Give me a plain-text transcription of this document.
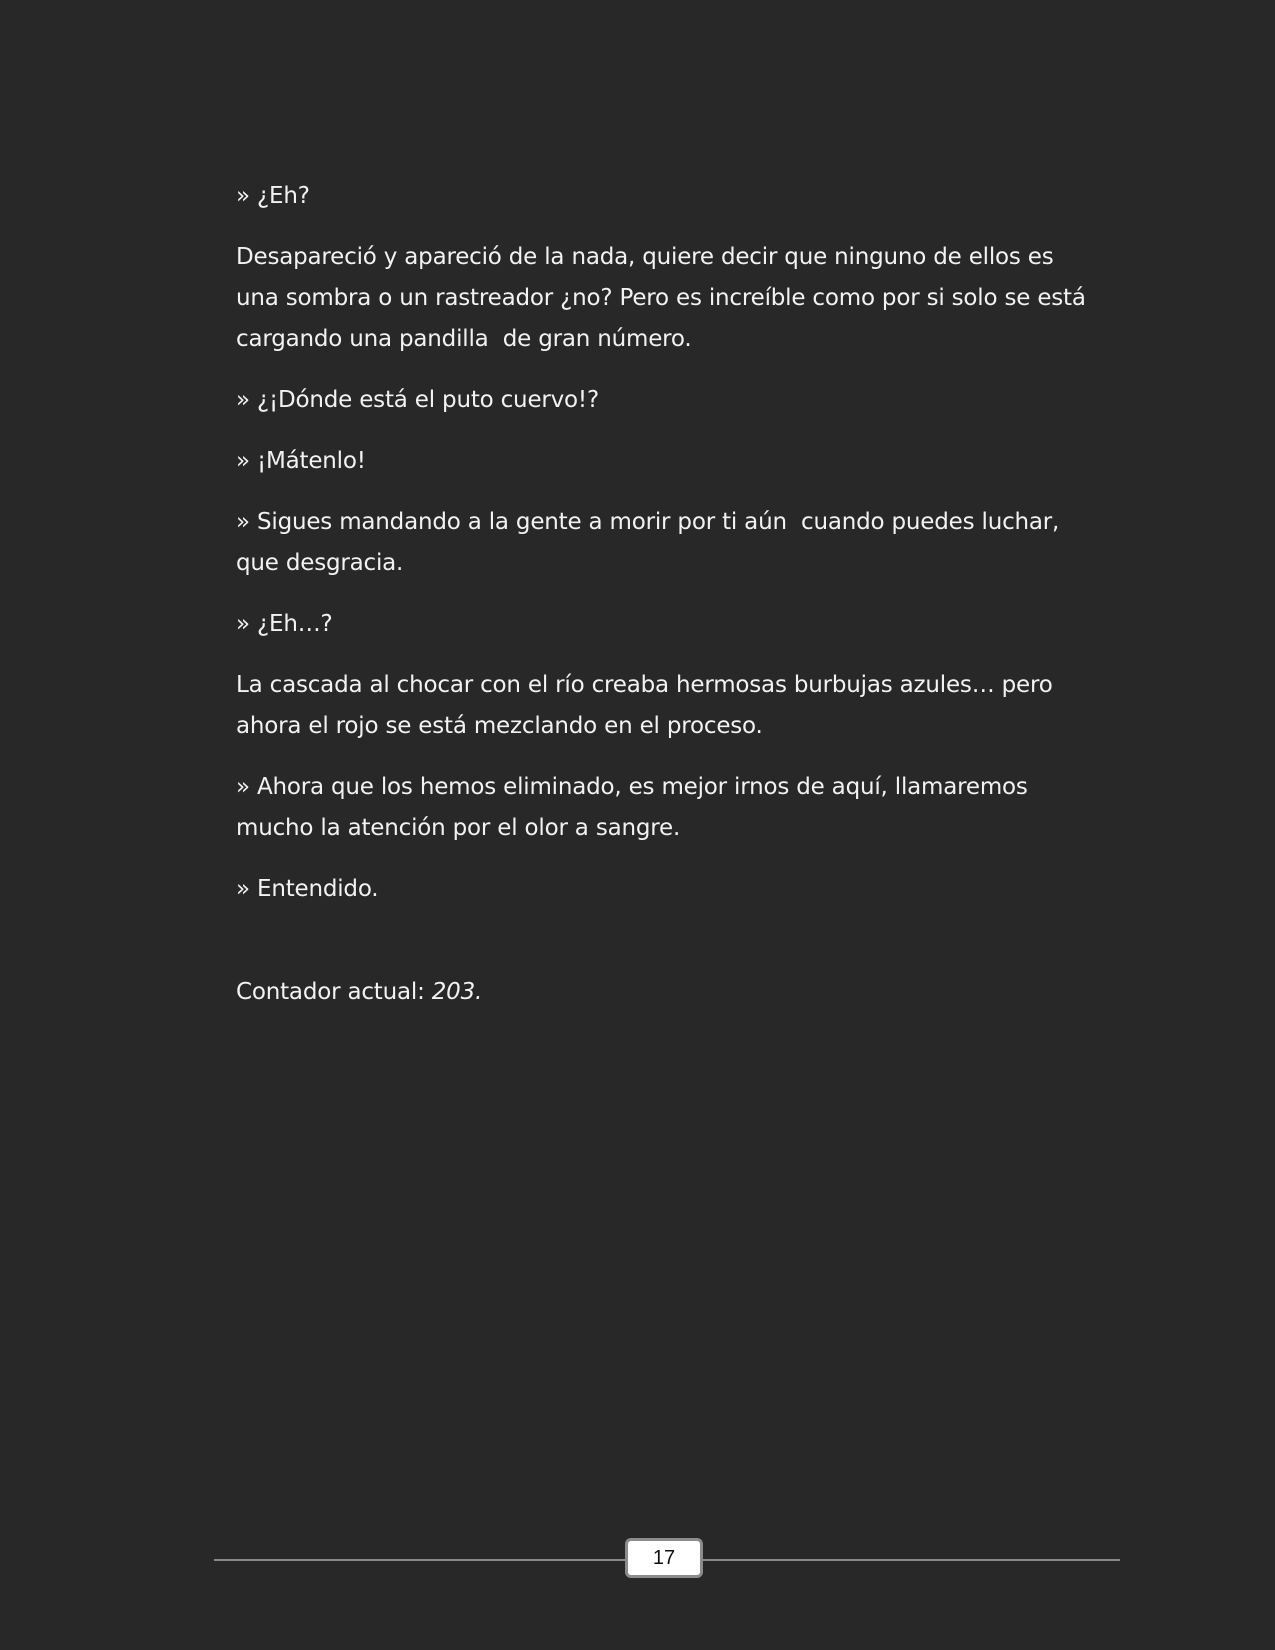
» ¿Eh?

Desapareció y apareció de la nada, quiere decir que ninguno de ellos es una sombra o un rastreador ¿no? Pero es increíble como por si solo se está cargando una pandilla  de gran número.

» ¿¡Dónde está el puto cuervo!?

» ¡Mátenlo!

» Sigues mandando a la gente a morir por ti aún  cuando puedes luchar, que desgracia.

» ¿Eh…?

La cascada al chocar con el río creaba hermosas burbujas azules… pero ahora el rojo se está mezclando en el proceso.

» Ahora que los hemos eliminado, es mejor irnos de aquí, llamaremos mucho la atención por el olor a sangre.

» Entendido.

Contador actual: 203.
17
